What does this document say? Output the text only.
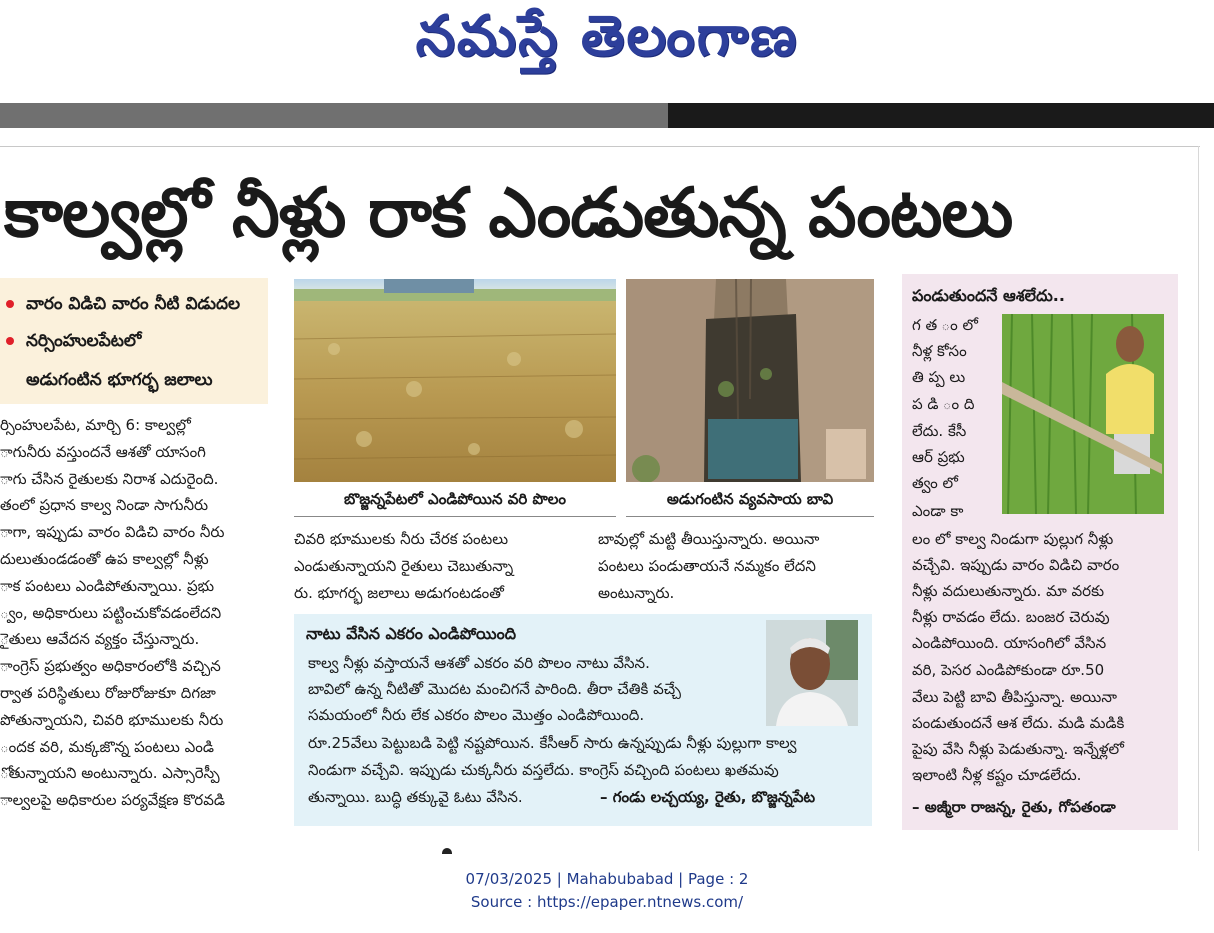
నమస్తే తెలంగాణ
కాల్వల్లో నీళ్లు రాక ఎండుతున్న పంటలు
వారం విడిచి వారం నీటి విడుదల
నర్సింహులపేటలో
అడుగంటిన భూగర్భ జలాలు
ర్సింహులపేట, మార్చి 6: కాల్వల్లో
ాగునీరు వస్తుందనే ఆశతో యాసంగి
ాగు చేసిన రైతులకు నిరాశ ఎదురైంది.
తంలో ప్రధాన కాల్వ నిండా సాగునీరు
ాగా, ఇప్పుడు వారం విడిచి వారం నీరు
దులుతుండడంతో ఉప కాల్వల్లో నీళ్లు
ాక పంటలు ఎండిపోతున్నాయి. ప్రభు
్వం, అధికారులు పట్టించుకోవడంలేదని
ైతులు ఆవేదన వ్యక్తం చేస్తున్నారు.
ాంగ్రెస్ ప్రభుత్వం అధికారంలోకి వచ్చిన
ర్వాత పరిస్థితులు రోజురోజుకూ దిగజా
పోతున్నాయని, చివరి భూములకు నీరు
ందక వరి, మక్కజొన్న పంటలు ఎండి
ోతున్నాయని అంటున్నారు. ఎస్సారెస్పీ
ాల్వలపై అధికారుల పర్యవేక్షణ కొరవడి
బొజ్జన్నపేటలో ఎండిపోయిన వరి పొలం	అడుగంటిన వ్యవసాయ బావి
చివరి భూములకు నీరు చేరక పంటలు
ఎండుతున్నాయని రైతులు చెబుతున్నా
రు. భూగర్భ జలాలు అడుగంటడంతో
బావుల్లో మట్టి తీయిస్తున్నారు. అయినా
పంటలు పండుతాయనే నమ్మకం లేదని
అంటున్నారు.
నాటు వేసిన ఎకరం ఎండిపోయింది
కాల్వ నీళ్లు వస్తాయనే ఆశతో ఎకరం వరి పొలం నాటు వేసిన.
బావిలో ఉన్న నీటితో మొదట మంచిగనే పారింది. తీరా చేతికి వచ్చే
సమయంలో నీరు లేక ఎకరం పొలం మొత్తం ఎండిపోయింది.
రూ.25వేలు పెట్టుబడి పెట్టి నష్టపోయిన. కేసీఆర్ సారు ఉన్నప్పుడు నీళ్లు పుల్లుగా కాల్వ
నిండుగా వచ్చేవి. ఇప్పుడు చుక్కనీరు వస్తలేదు. కాంగ్రెస్ వచ్చింది పంటలు ఖతమవు
తున్నాయి. బుద్ధి తక్కువై ఓటు వేసిన.	– గండు లచ్చయ్య, రైతు, బొజ్జన్నపేట
పండుతుందనే ఆశలేదు..
గ త ం లో
నీళ్ల కోసం
తి ప్ప లు
ప డి ం ది
లేదు. కేసీ
ఆర్ ప్రభు
త్వం లో
ఎండా కా
లం లో కాల్వ నిండుగా పుల్లుగ నీళ్లు
వచ్చేవి. ఇప్పుడు వారం విడిచి వారం
నీళ్లు వదులుతున్నారు. మా వరకు
నీళ్లు రావడం లేదు. బంజర చెరువు
ఎండిపోయింది. యాసంగిలో వేసిన
వరి, పెసర ఎండిపోకుండా రూ.50
వేలు పెట్టి బావి తీపిస్తున్నా. అయినా
పండుతుందనే ఆశ లేదు. మడి మడికి
పైపు వేసి నీళ్లు పెడుతున్నా. ఇన్నేళ్లలో
ఇలాంటి నీళ్ల కష్టం చూడలేదు.
– అజ్మీరా రాజన్న, రైతు, గోపతండా
07/03/2025 | Mahabubabad | Page : 2
Source : https://epaper.ntnews.com/
